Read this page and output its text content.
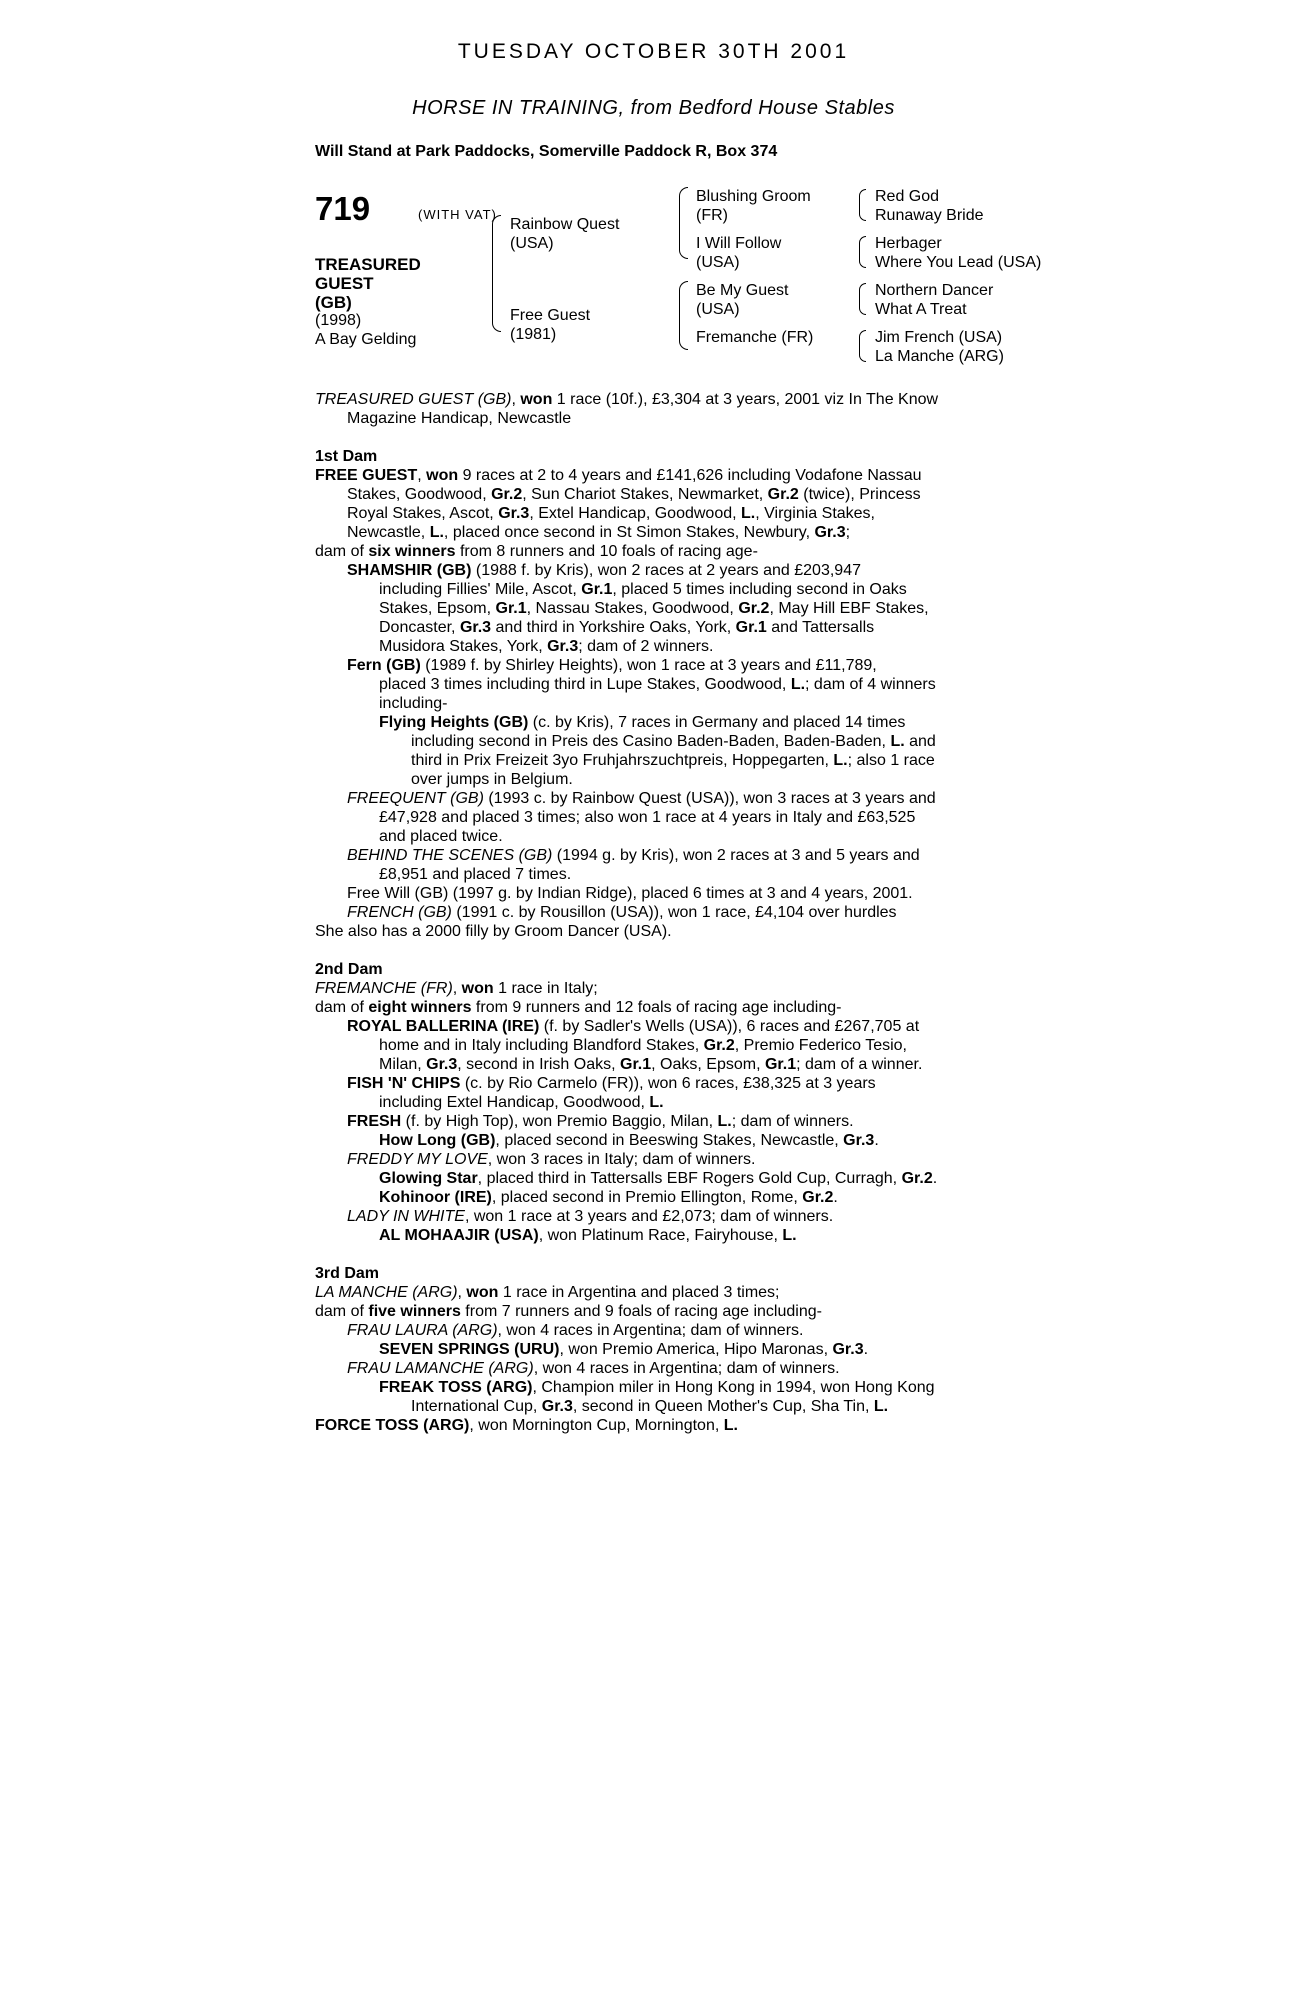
TUESDAY OCTOBER 30TH 2001
HORSE IN TRAINING, from Bedford House Stables
Will Stand at Park Paddocks, Somerville Paddock R, Box 374
719	(WITH VAT)
TREASURED
GUEST
(GB)
(1998)
A Bay Gelding
Rainbow Quest
(USA)
Free Guest
(1981)
Blushing Groom
(FR)
I Will Follow
(USA)
Be My Guest
(USA)
Fremanche (FR)
Red God
Runaway Bride
Herbager
Where You Lead (USA)
Northern Dancer
What A Treat
Jim French (USA)
La Manche (ARG)

TREASURED GUEST (GB), won 1 race (10f.), £3,304 at 3 years, 2001 viz In The Know
Magazine Handicap, Newcastle

1st Dam

FREE GUEST, won 9 races at 2 to 4 years and £141,626 including Vodafone Nassau
Stakes, Goodwood, Gr.2, Sun Chariot Stakes, Newmarket, Gr.2 (twice), Princess
Royal Stakes, Ascot, Gr.3, Extel Handicap, Goodwood, L., Virginia Stakes,
Newcastle, L., placed once second in St Simon Stakes, Newbury, Gr.3;

dam of six winners from 8 runners and 10 foals of racing age-

SHAMSHIR (GB) (1988 f. by Kris), won 2 races at 2 years and £203,947
including Fillies' Mile, Ascot, Gr.1, placed 5 times including second in Oaks
Stakes, Epsom, Gr.1, Nassau Stakes, Goodwood, Gr.2, May Hill EBF Stakes,
Doncaster, Gr.3 and third in Yorkshire Oaks, York, Gr.1 and Tattersalls
Musidora Stakes, York, Gr.3; dam of 2 winners.

Fern (GB) (1989 f. by Shirley Heights), won 1 race at 3 years and £11,789,
placed 3 times including third in Lupe Stakes, Goodwood, L.; dam of 4 winners
including-

Flying Heights (GB) (c. by Kris), 7 races in Germany and placed 14 times
including second in Preis des Casino Baden-Baden, Baden-Baden, L. and
third in Prix Freizeit 3yo Fruhjahrszuchtpreis, Hoppegarten, L.; also 1 race
over jumps in Belgium.

FREEQUENT (GB) (1993 c. by Rainbow Quest (USA)), won 3 races at 3 years and
£47,928 and placed 3 times; also won 1 race at 4 years in Italy and £63,525
and placed twice.

BEHIND THE SCENES (GB) (1994 g. by Kris), won 2 races at 3 and 5 years and
£8,951 and placed 7 times.

Free Will (GB) (1997 g. by Indian Ridge), placed 6 times at 3 and 4 years, 2001.

FRENCH (GB) (1991 c. by Rousillon (USA)), won 1 race, £4,104 over hurdles

She also has a 2000 filly by Groom Dancer (USA).

2nd Dam

FREMANCHE (FR), won 1 race in Italy;

dam of eight winners from 9 runners and 12 foals of racing age including-

ROYAL BALLERINA (IRE) (f. by Sadler's Wells (USA)), 6 races and £267,705 at
home and in Italy including Blandford Stakes, Gr.2, Premio Federico Tesio,
Milan, Gr.3, second in Irish Oaks, Gr.1, Oaks, Epsom, Gr.1; dam of a winner.

FISH 'N' CHIPS (c. by Rio Carmelo (FR)), won 6 races, £38,325 at 3 years
including Extel Handicap, Goodwood, L.

FRESH (f. by High Top), won Premio Baggio, Milan, L.; dam of winners.

How Long (GB), placed second in Beeswing Stakes, Newcastle, Gr.3.

FREDDY MY LOVE, won 3 races in Italy; dam of winners.

Glowing Star, placed third in Tattersalls EBF Rogers Gold Cup, Curragh, Gr.2.

Kohinoor (IRE), placed second in Premio Ellington, Rome, Gr.2.

LADY IN WHITE, won 1 race at 3 years and £2,073; dam of winners.

AL MOHAAJIR (USA), won Platinum Race, Fairyhouse, L.

3rd Dam

LA MANCHE (ARG), won 1 race in Argentina and placed 3 times;

dam of five winners from 7 runners and 9 foals of racing age including-

FRAU LAURA (ARG), won 4 races in Argentina; dam of winners.

SEVEN SPRINGS (URU), won Premio America, Hipo Maronas, Gr.3.

FRAU LAMANCHE (ARG), won 4 races in Argentina; dam of winners.

FREAK TOSS (ARG), Champion miler in Hong Kong in 1994, won Hong Kong
International Cup, Gr.3, second in Queen Mother's Cup, Sha Tin, L.

FORCE TOSS (ARG), won Mornington Cup, Mornington, L.
